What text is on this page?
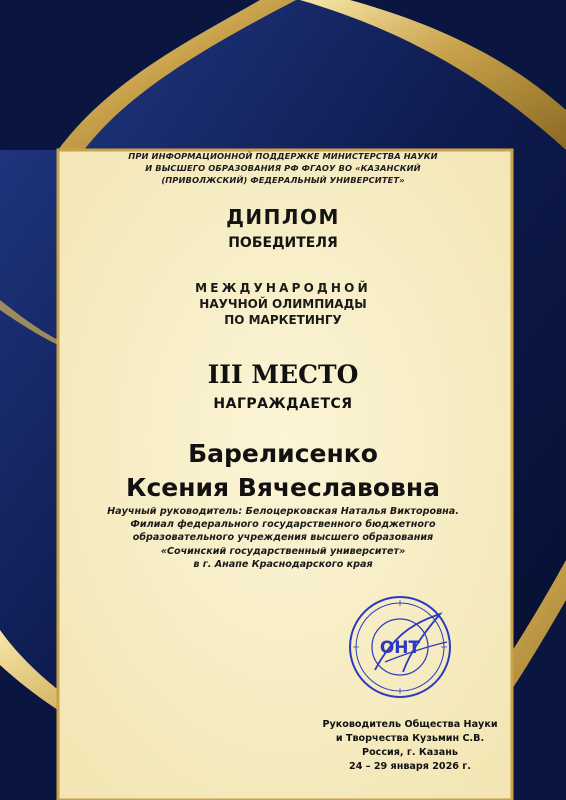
ПРИ ИНФОРМАЦИОННОЙ ПОДДЕРЖКЕ МИНИСТЕРСТВА НАУКИ
И ВЫСШЕГО ОБРАЗОВАНИЯ РФ ФГАОУ ВО «КАЗАНСКИЙ
(ПРИВОЛЖСКИЙ) ФЕДЕРАЛЬНЫЙ УНИВЕРСИТЕТ»
ДИПЛОМ
ПОБЕДИТЕЛЯ
МЕЖДУНАРОДНОЙ
НАУЧНОЙ ОЛИМПИАДЫ
ПО МАРКЕТИНГУ
III МЕСТО
НАГРАЖДАЕТСЯ
Барелисенко
Ксения Вячеславовна
Научный руководитель: Белоцерковская Наталья Викторовна.
Филиал федерального государственного бюджетного
образовательного учреждения высшего образования
«Сочинский государственный университет»
в г. Анапе Краснодарского края
ОНТ
Руководитель Общества Науки
и Творчества Кузьмин С.В.
Россия, г. Казань
24 – 29 января 2026 г.
